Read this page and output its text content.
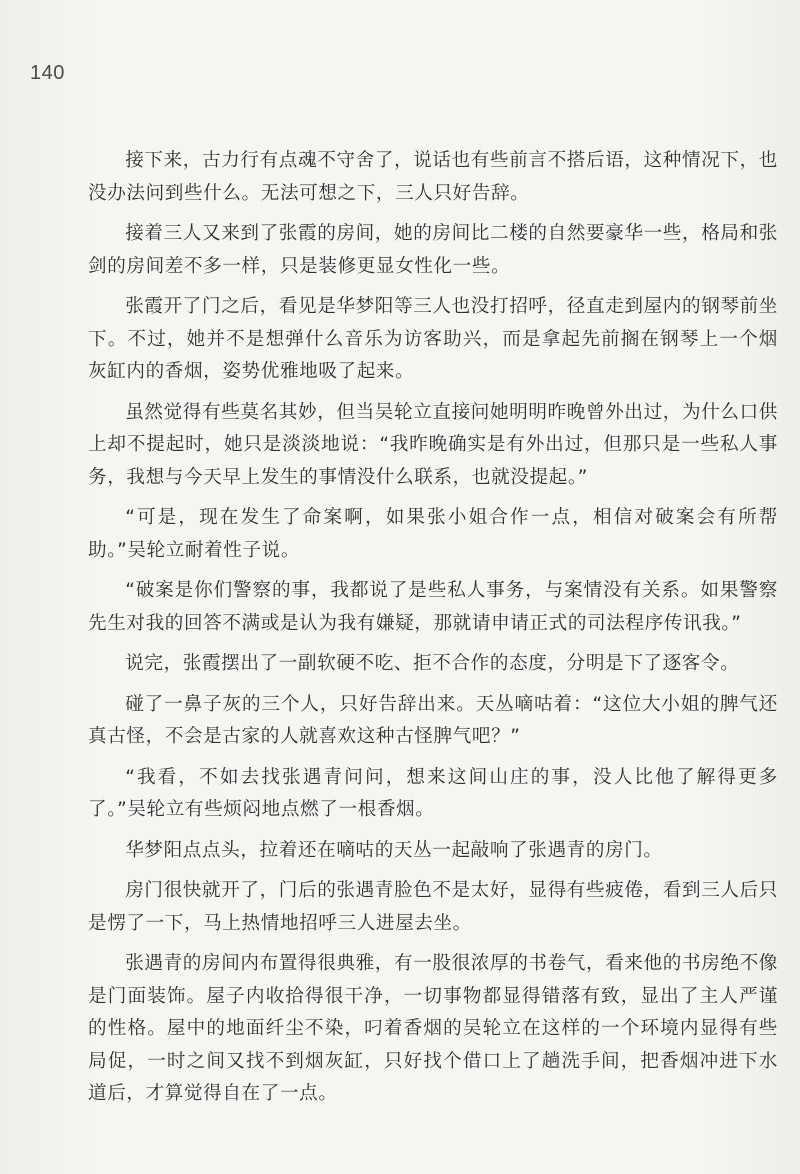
140

接下来，古力行有点魂不守舍了，说话也有些前言不搭后语，这种情况下，也没办法问到些什么。无法可想之下，三人只好告辞。

接着三人又来到了张霞的房间，她的房间比二楼的自然要豪华一些，格局和张剑的房间差不多一样，只是装修更显女性化一些。

张霞开了门之后，看见是华梦阳等三人也没打招呼，径直走到屋内的钢琴前坐下。不过，她并不是想弹什么音乐为访客助兴，而是拿起先前搁在钢琴上一个烟灰缸内的香烟，姿势优雅地吸了起来。

虽然觉得有些莫名其妙，但当吴轮立直接问她明明昨晚曾外出过，为什么口供上却不提起时，她只是淡淡地说：“我昨晚确实是有外出过，但那只是一些私人事务，我想与今天早上发生的事情没什么联系，也就没提起。”

“可是，现在发生了命案啊，如果张小姐合作一点，相信对破案会有所帮助。”吴轮立耐着性子说。

“破案是你们警察的事，我都说了是些私人事务，与案情没有关系。如果警察先生对我的回答不满或是认为我有嫌疑，那就请申请正式的司法程序传讯我。”

说完，张霞摆出了一副软硬不吃、拒不合作的态度，分明是下了逐客令。

碰了一鼻子灰的三个人，只好告辞出来。天丛嘀咕着：“这位大小姐的脾气还真古怪，不会是古家的人就喜欢这种古怪脾气吧？”

“我看，不如去找张遇青问问，想来这间山庄的事，没人比他了解得更多了。”吴轮立有些烦闷地点燃了一根香烟。

华梦阳点点头，拉着还在嘀咕的天丛一起敲响了张遇青的房门。

房门很快就开了，门后的张遇青脸色不是太好，显得有些疲倦，看到三人后只是愣了一下，马上热情地招呼三人进屋去坐。

张遇青的房间内布置得很典雅，有一股很浓厚的书卷气，看来他的书房绝不像是门面装饰。屋子内收拾得很干净，一切事物都显得错落有致，显出了主人严谨的性格。屋中的地面纤尘不染，叼着香烟的吴轮立在这样的一个环境内显得有些局促，一时之间又找不到烟灰缸，只好找个借口上了趟洗手间，把香烟冲进下水道后，才算觉得自在了一点。
